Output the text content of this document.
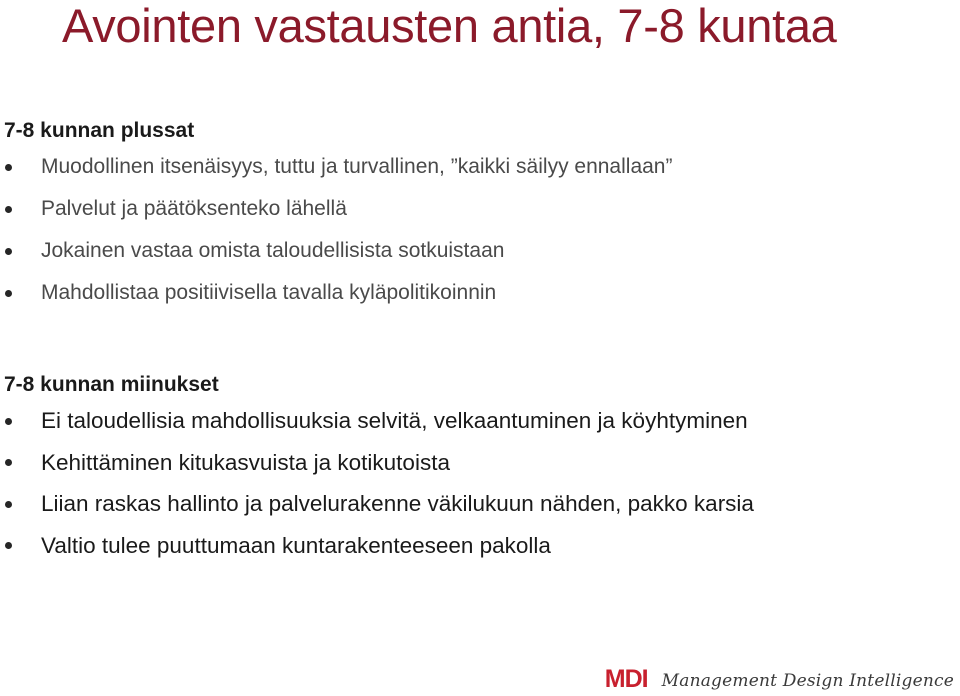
Avointen vastausten antia, 7-8 kuntaa
7-8 kunnan plussat
Muodollinen itsenäisyys, tuttu ja turvallinen, ”kaikki säilyy ennallaan”
Palvelut ja päätöksenteko lähellä
Jokainen vastaa omista taloudellisista sotkuistaan
Mahdollistaa positiivisella tavalla kyläpolitikoinnin
7-8 kunnan miinukset
Ei taloudellisia mahdollisuuksia selvitä, velkaantuminen ja köyhtyminen
Kehittäminen kitukasvuista ja kotikutoista
Liian raskas hallinto ja palvelurakenne väkilukuun nähden, pakko karsia
Valtio tulee puuttumaan kuntarakenteeseen pakolla
MDI Management Design Intelligence
